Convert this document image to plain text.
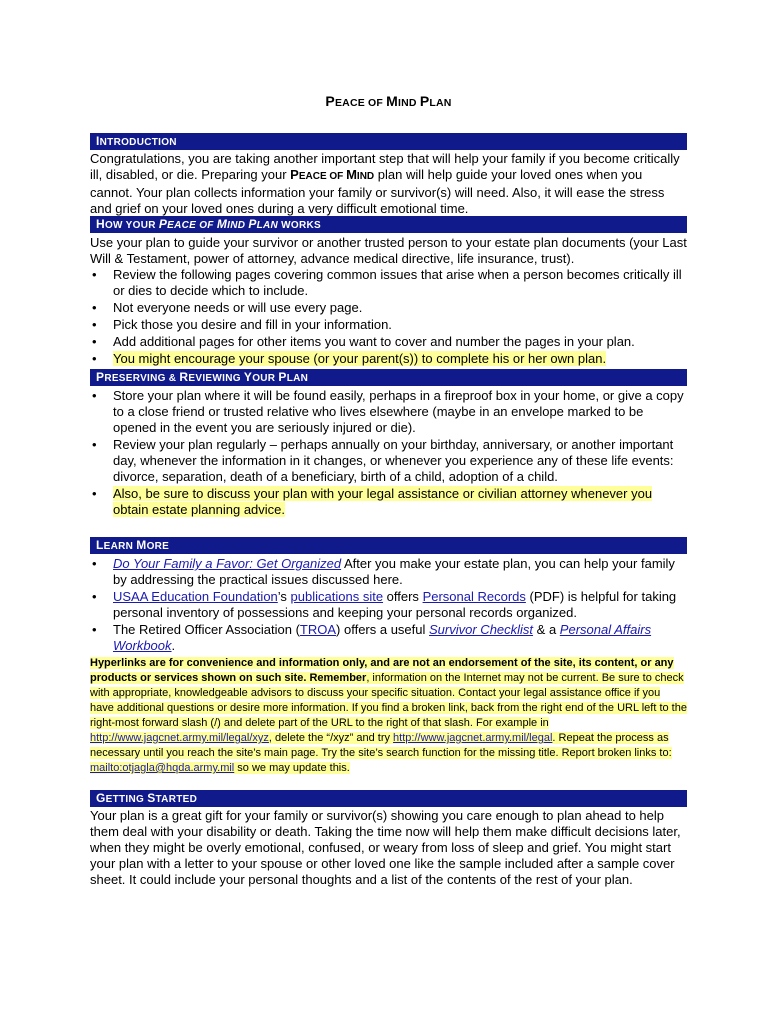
PEACE OF MIND PLAN
INTRODUCTION
Congratulations, you are taking another important step that will help your family if you become critically ill, disabled, or die. Preparing your PEACE OF MIND plan will help guide your loved ones when you cannot. Your plan collects information your family or survivor(s) will need. Also, it will ease the stress and grief on your loved ones during a very difficult emotional time.
HOW YOUR PEACE OF MIND PLAN WORKS
Use your plan to guide your survivor or another trusted person to your estate plan documents (your Last Will & Testament, power of attorney, advance medical directive, life insurance, trust).

• Review the following pages covering common issues that arise when a person becomes critically ill or dies to decide which to include.

• Not everyone needs or will use every page.

• Pick those you desire and fill in your information.

• Add additional pages for other items you want to cover and number the pages in your plan.

• You might encourage your spouse (or your parent(s)) to complete his or her own plan.

PRESERVING & REVIEWING YOUR PLAN

• Store your plan where it will be found easily, perhaps in a fireproof box in your home, or give a copy to a close friend or trusted relative who lives elsewhere (maybe in an envelope marked to be opened in the event you are seriously injured or die).

• Review your plan regularly – perhaps annually on your birthday, anniversary, or another important day, whenever the information in it changes, or whenever you experience any of these life events: divorce, separation, death of a beneficiary, birth of a child, adoption of a child.

• Also, be sure to discuss your plan with your legal assistance or civilian attorney whenever you obtain estate planning advice.

LEARN MORE

• Do Your Family a Favor: Get Organized After you make your estate plan, you can help your family by addressing the practical issues discussed here.

• USAA Education Foundation’s publications site offers Personal Records (PDF) is helpful for taking personal inventory of possessions and keeping your personal records organized.

• The Retired Officer Association (TROA) offers a useful Survivor Checklist & a Personal Affairs Workbook.

Hyperlinks are for convenience and information only, and are not an endorsement of the site, its content, or any products or services shown on such site. Remember, information on the Internet may not be current. Be sure to check with appropriate, knowledgeable advisors to discuss your specific situation. Contact your legal assistance office if you have additional questions or desire more information. If you find a broken link, back from the right end of the URL left to the right-most forward slash (/) and delete part of the URL to the right of that slash. For example in http://www.jagcnet.army.mil/legal/xyz, delete the “/xyz” and try http://www.jagcnet.army.mil/legal. Repeat the process as necessary until you reach the site’s main page. Try the site’s search function for the missing title. Report broken links to: mailto:otjagla@hqda.army.mil so we may update this.
GETTING STARTED
Your plan is a great gift for your family or survivor(s) showing you care enough to plan ahead to help them deal with your disability or death. Taking the time now will help them make difficult decisions later, when they might be overly emotional, confused, or weary from loss of sleep and grief. You might start your plan with a letter to your spouse or other loved one like the sample included after a sample cover sheet. It could include your personal thoughts and a list of the contents of the rest of your plan.
